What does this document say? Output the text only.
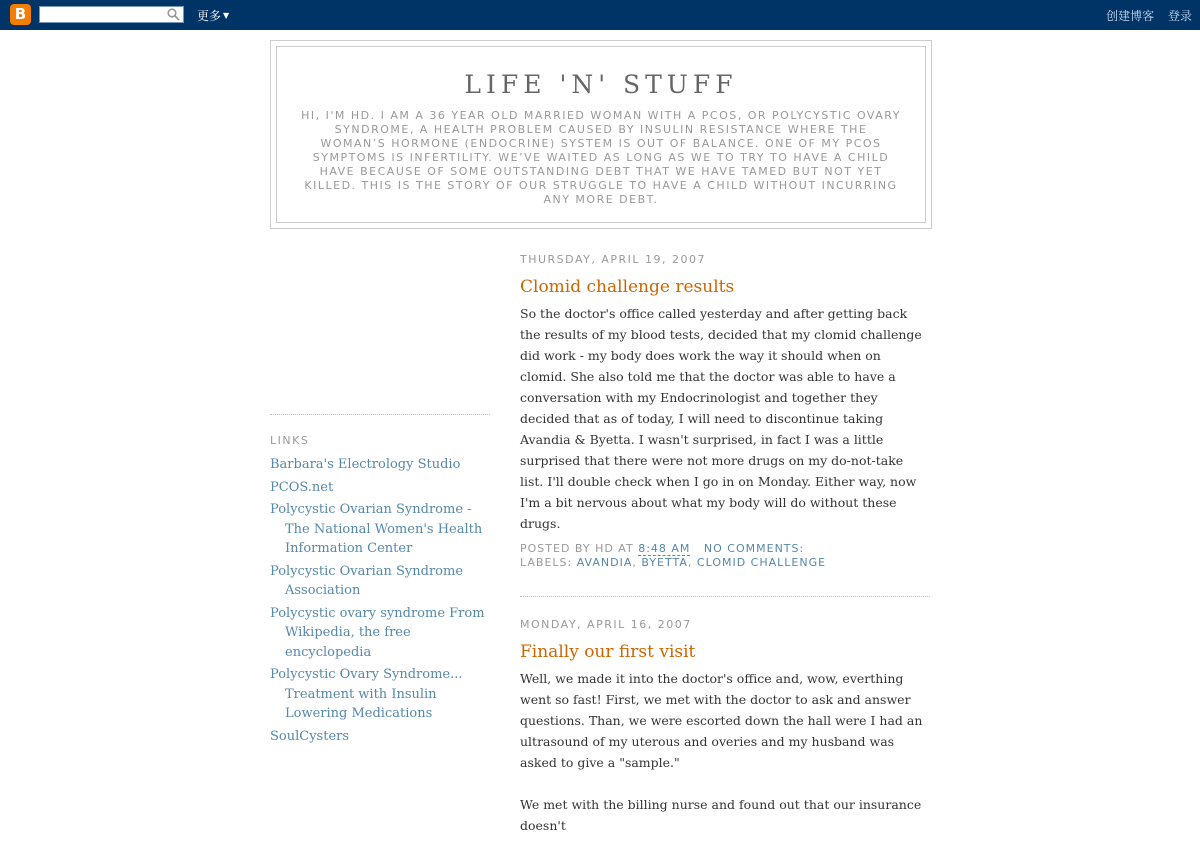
B	更多 ▼	创建博客 登录
LIFE 'N' STUFF

HI, I'M HD. I AM A 36 YEAR OLD MARRIED WOMAN WITH A PCOS, OR POLYCYSTIC OVARY SYNDROME, A HEALTH PROBLEM CAUSED BY INSULIN RESISTANCE WHERE THE WOMAN’S HORMONE (ENDOCRINE) SYSTEM IS OUT OF BALANCE. ONE OF MY PCOS SYMPTOMS IS INFERTILITY. WE’VE WAITED AS LONG AS WE TO TRY TO HAVE A CHILD HAVE BECAUSE OF SOME OUTSTANDING DEBT THAT WE HAVE TAMED BUT NOT YET KILLED. THIS IS THE STORY OF OUR STRUGGLE TO HAVE A CHILD WITHOUT INCURRING ANY MORE DEBT.

THURSDAY, APRIL 19, 2007
Clomid challenge results
So the doctor's office called yesterday and after getting back the results of my blood tests, decided that my clomid challenge did work - my body does work the way it should when on clomid. She also told me that the doctor was able to have a conversation with my Endocrinologist and together they decided that as of today, I will need to discontinue taking Avandia & Byetta. I wasn't surprised, in fact I was a little surprised that there were not more drugs on my do-not-take list. I'll double check when I go in on Monday. Either way, now I'm a bit nervous about what my body will do without these drugs.
POSTED BY HD AT 8:48 AM NO COMMENTS:
LABELS: AVANDIA, BYETTA, CLOMID CHALLENGE
MONDAY, APRIL 16, 2007
Finally our first visit

Well, we made it into the doctor's office and, wow, everthing went so fast! First, we met with the doctor to ask and answer questions. Than, we were escorted down the hall were I had an ultrasound of my uterous and overies and my husband was asked to give a "sample."

We met with the billing nurse and found out that our insurance doesn't

LINKS
Barbara's Electrology Studio
PCOS.net
Polycystic Ovarian Syndrome - The National Women's Health Information Center
Polycystic Ovarian Syndrome Association
Polycystic ovary syndrome From Wikipedia, the free encyclopedia
Polycystic Ovary Syndrome... Treatment with Insulin Lowering Medications
SoulCysters
